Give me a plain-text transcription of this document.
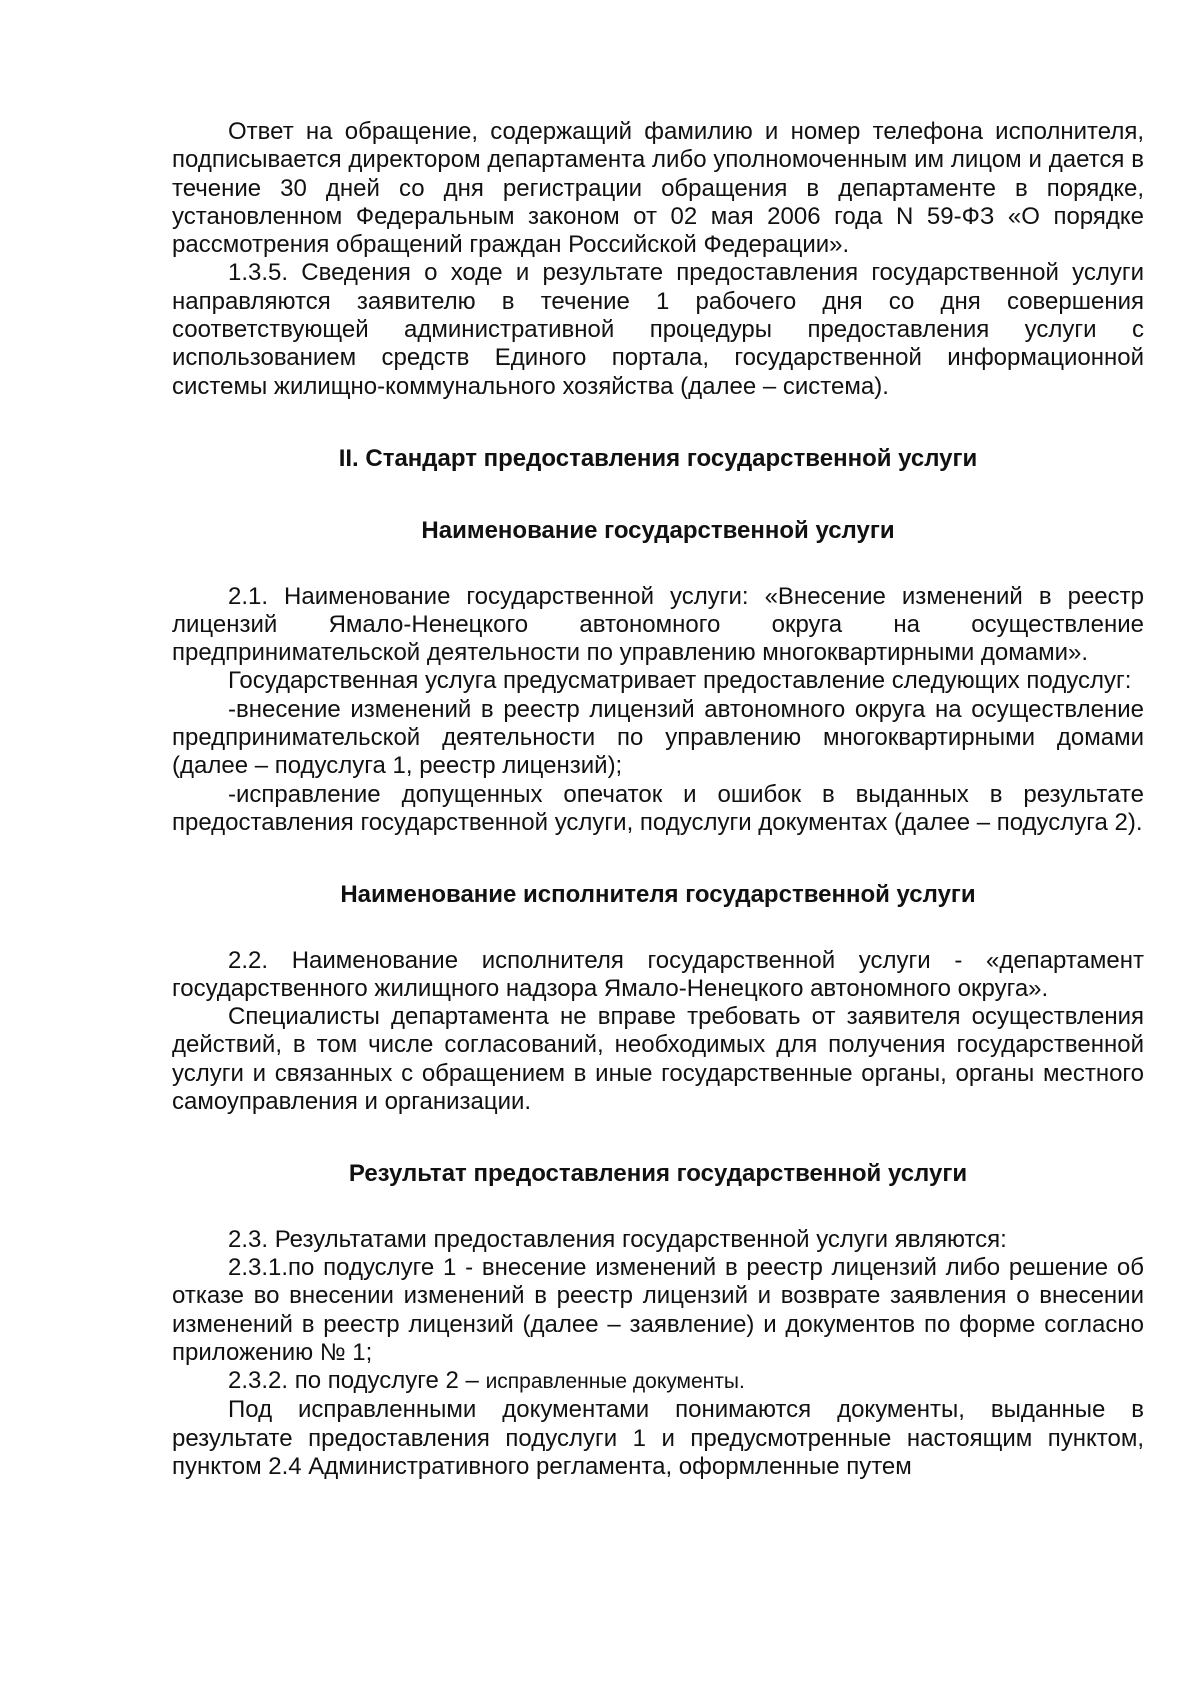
Ответ на обращение, содержащий фамилию и номер телефона исполнителя, подписывается директором департамента либо уполномоченным им лицом и дается в течение 30 дней со дня регистрации обращения в департаменте в порядке, установленном Федеральным законом от 02 мая 2006 года N 59-ФЗ «О порядке рассмотрения обращений граждан Российской Федерации».

1.3.5. Сведения о ходе и результате предоставления государственной услуги направляются заявителю в течение 1 рабочего дня со дня совершения соответствующей административной процедуры предоставления услуги с использованием средств Единого портала, государственной информационной системы жилищно-коммунального хозяйства (далее – система).

II. Стандарт предоставления государственной услуги
Наименование государственной услуги

2.1. Наименование государственной услуги: «Внесение изменений в реестр лицензий Ямало-Ненецкого автономного округа на осуществление предпринимательской деятельности по управлению многоквартирными домами».

Государственная услуга предусматривает предоставление следующих подуслуг:

-внесение изменений в реестр лицензий автономного округа на осуществление предпринимательской деятельности по управлению многоквартирными домами (далее – подуслуга 1, реестр лицензий);

-исправление допущенных опечаток и ошибок в выданных в результате предоставления государственной услуги, подуслуги документах (далее – подуслуга 2).

Наименование исполнителя государственной услуги

2.2. Наименование исполнителя государственной услуги - «департамент государственного жилищного надзора Ямало-Ненецкого автономного округа».

Специалисты департамента не вправе требовать от заявителя осуществления действий, в том числе согласований, необходимых для получения государственной услуги и связанных с обращением в иные государственные органы, органы местного самоуправления и организации.

Результат предоставления государственной услуги

2.3. Результатами предоставления государственной услуги являются:

2.3.1.по подуслуге 1 - внесение изменений в реестр лицензий либо решение об отказе во внесении изменений в реестр лицензий и возврате заявления о внесении изменений в реестр лицензий (далее – заявление) и документов по форме согласно приложению № 1;

2.3.2. по подуслуге 2 – исправленные документы.

Под исправленными документами понимаются документы, выданные в результате предоставления подуслуги 1 и предусмотренные настоящим пунктом, пунктом 2.4 Административного регламента, оформленные путем
